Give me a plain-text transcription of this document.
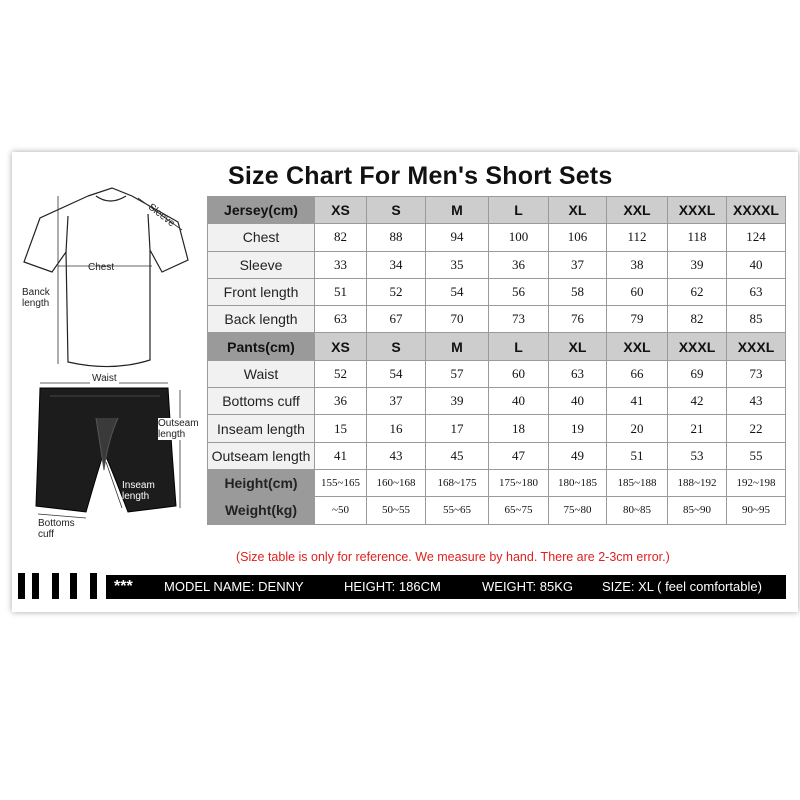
Sleeve
Chest
Banck
length
Waist
Outseam
length
Inseam
length
Bottoms
cuff
Size Chart For Men's Short Sets
Jersey(cm)	XS	S	M	L	XL	XXL	XXXL	XXXXL
Chest	82	88	94	100	106	112	118	124
Sleeve	33	34	35	36	37	38	39	40
Front length	51	52	54	56	58	60	62	63
Back length	63	67	70	73	76	79	82	85
Pants(cm)	XS	S	M	L	XL	XXL	XXXL	XXXL
Waist	52	54	57	60	63	66	69	73
Bottoms cuff	36	37	39	40	40	41	42	43
Inseam length	15	16	17	18	19	20	21	22
Outseam length	41	43	45	47	49	51	53	55
Height(cm)	155~165	160~168	168~175	175~180	180~185	185~188	188~192	192~198
Weight(kg)	~50	50~55	55~65	65~75	75~80	80~85	85~90	90~95
(Size table is only for reference. We measure by hand. There are 2-3cm error.)
*** MODEL NAME: DENNY	HEIGHT: 186CM	WEIGHT: 85KG SIZE: XL ( feel comfortable)
